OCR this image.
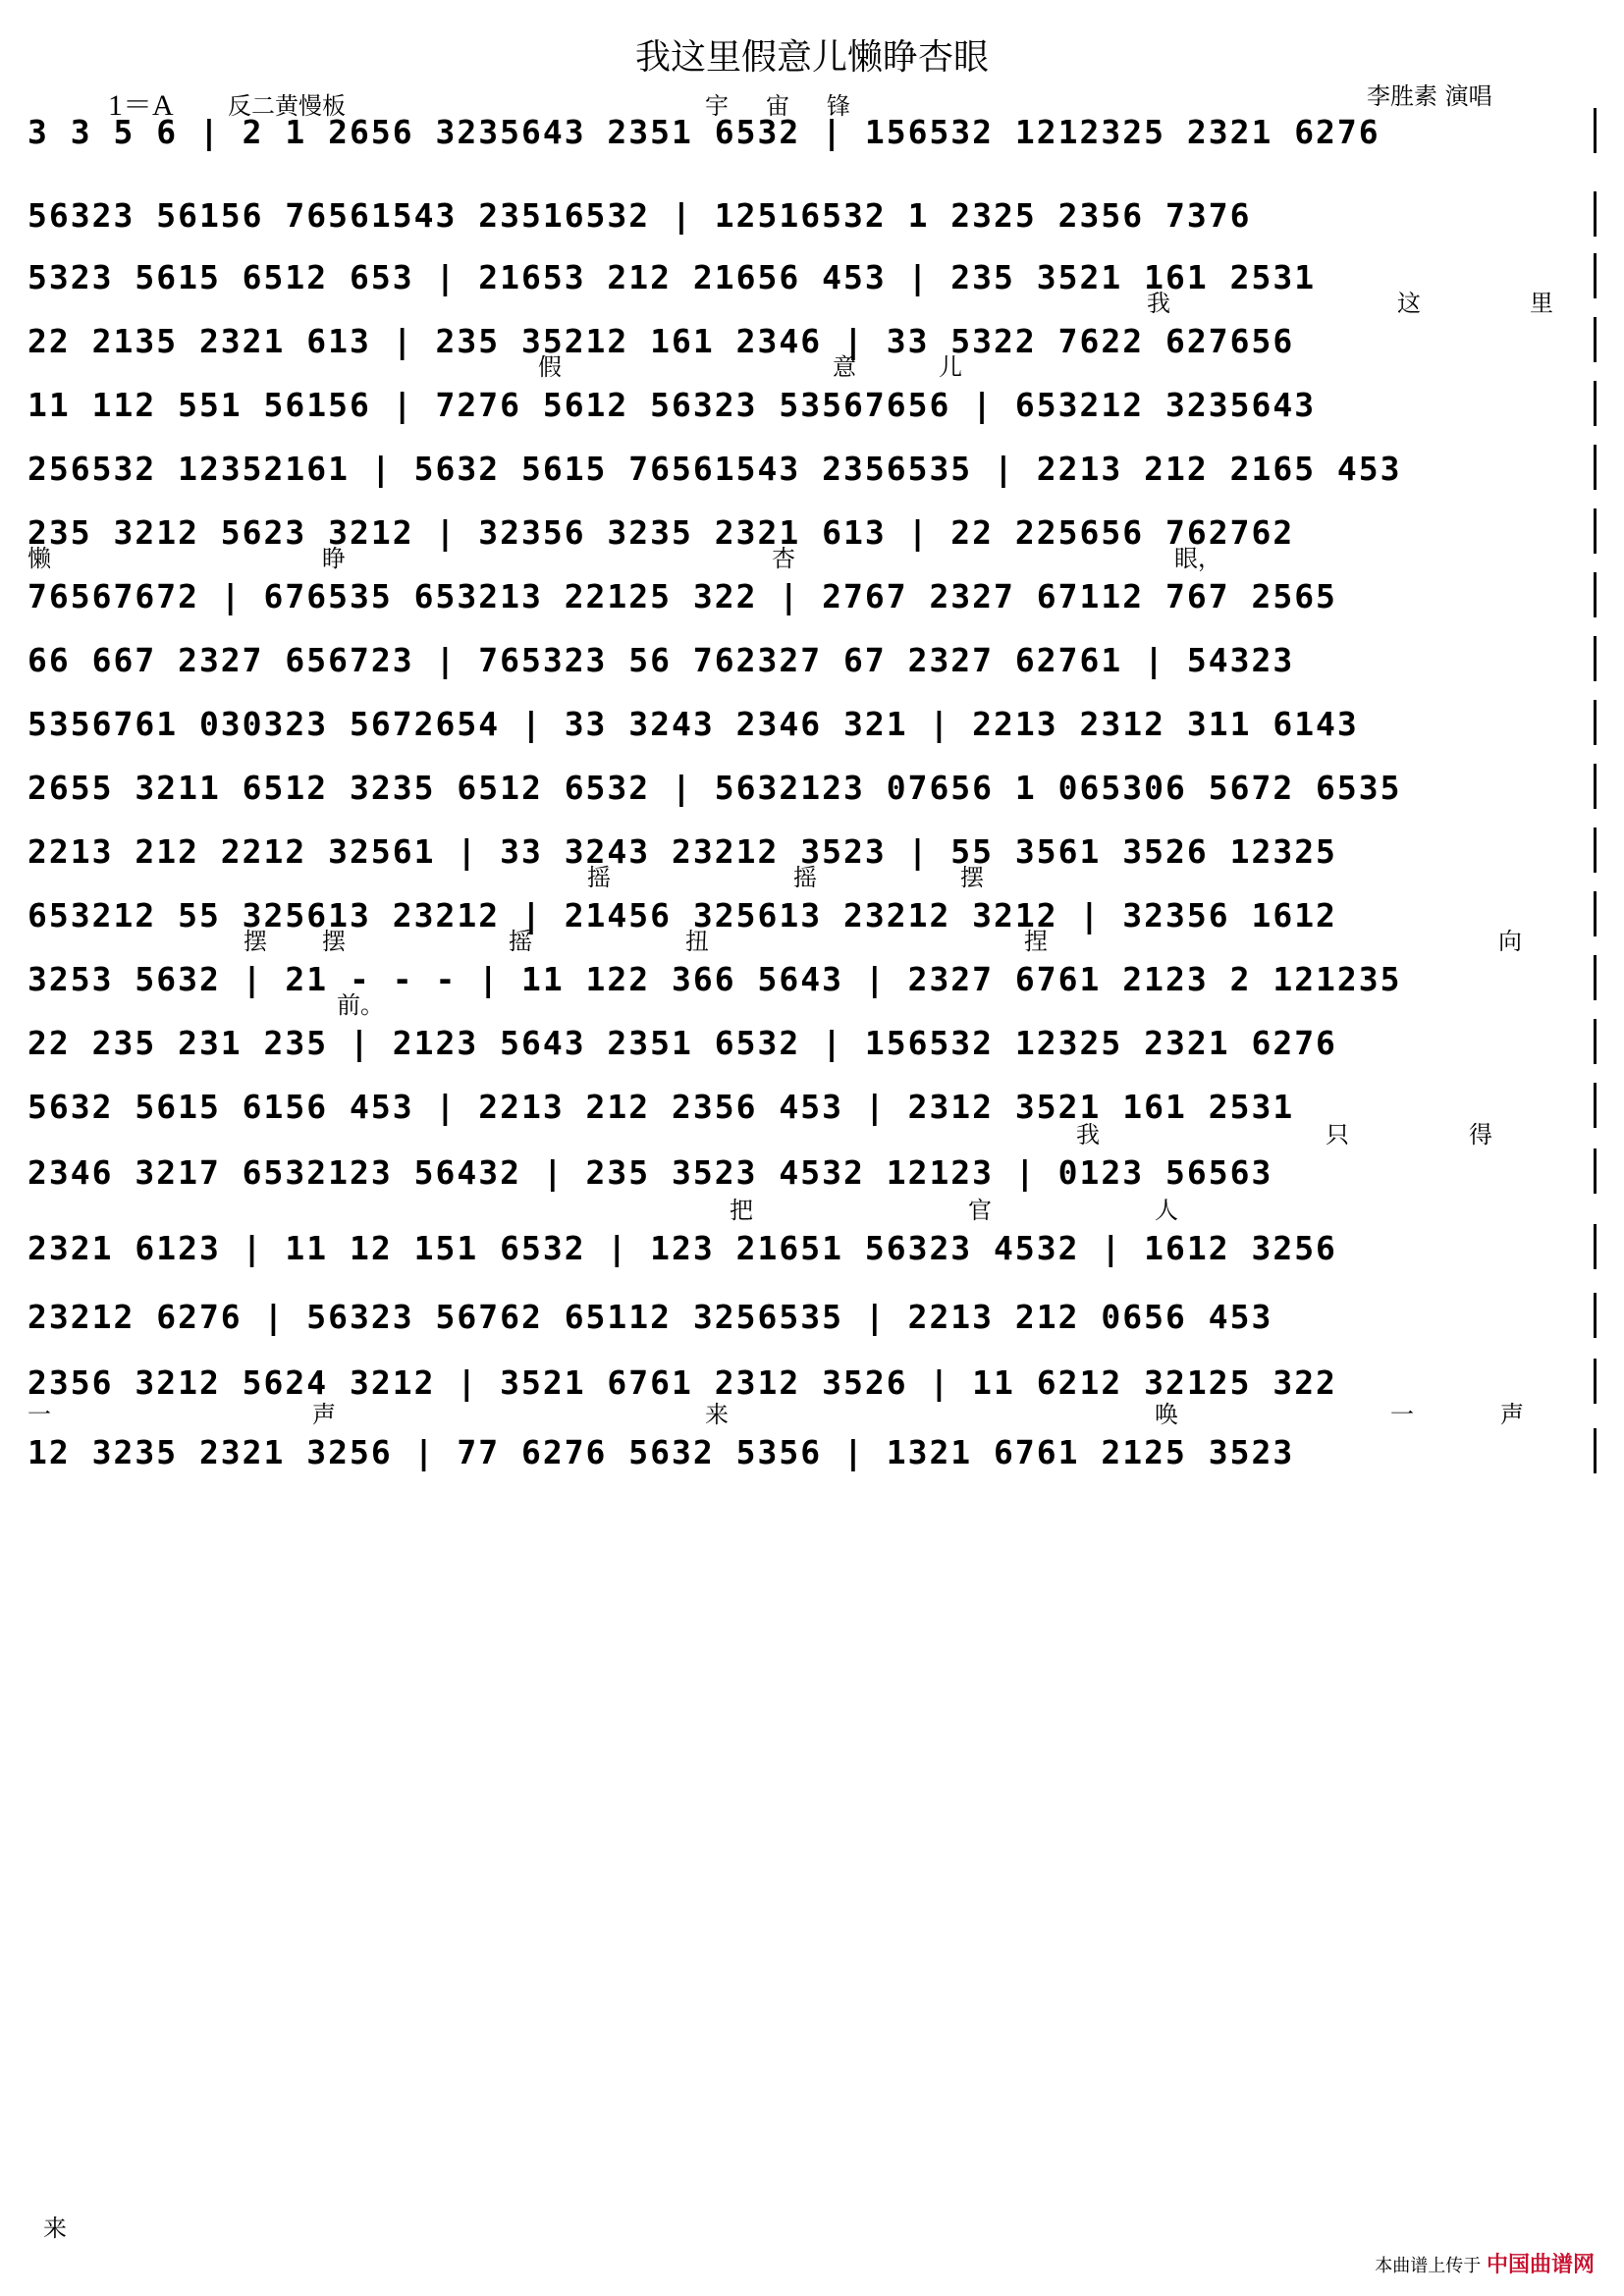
我这里假意儿懒睁杏眼
1＝A 反二黄慢板	宇宙锋	李胜素 演唱
3 3 5 6 | 2 1 2656 3235643 2351 6532 | 156532 1212325 2321 6276
56323 56156 76561543 23516532 | 12516532 1 2325 2356 7376
5323 5615 6512 653 | 21653 212 21656 453 | 235 3521 161 2531
22 2135 2321 613 | 235 35212 161 2346 | 33 5322 7622 627656
我	这	里
11 112 551 56156 | 7276 5612 56323 53567656 | 653212 3235643
假	意	儿
256532 12352161 | 5632 5615 76561543 2356535 | 2213 212 2165 453
235 3212 5623 3212 | 32356 3235 2321 613 | 22 225656 762762
76567672 | 676535 653213 22125 322 | 2767 2327 67112 767 2565
懒	睁	杏	眼，
66 667 2327 656723 | 765323 56 762327 67 2327 62761 | 54323
5356761 030323 5672654 | 33 3243 2346 321 | 2213 2312 311 6143
2655 3211 6512 3235 6512 6532 | 5632123 07656 1 065306 5672 6535
2213 212 2212 32561 | 33 3243 23212 3523 | 55 3561 3526 12325
653212 55 325613 23212 | 21456 325613 23212 3212 | 32356 1612
摇	摇	摆
3253 5632 | 21 - - - | 11 122 366 5643 | 2327 6761 2123 2 121235
摆 摆	摇	扭	捏	向
22 235 231 235 | 2123 5643 2351 6532 | 156532 12325 2321 6276
前。
5632 5615 6156 453 | 2213 212 2356 453 | 2312 3521 161 2531
2346 3217 6532123 56432 | 235 3523 4532 12123 | 0123 56563
我	只	得
2321 6123 | 11 12 151 6532 | 123 21651 56323 4532 | 1612 3256
把	官	人
23212 6276 | 56323 56762 65112 3256535 | 2213 212 0656 453
2356 3212 5624 3212 | 3521 6761 2312 3526 | 11 6212 32125 322
12 3235 2321 3256 | 77 6276 5632 5356 | 1321 6761 2125 3523
一	声	来	唤	一	声
来
本曲谱上传于 中国曲谱网
